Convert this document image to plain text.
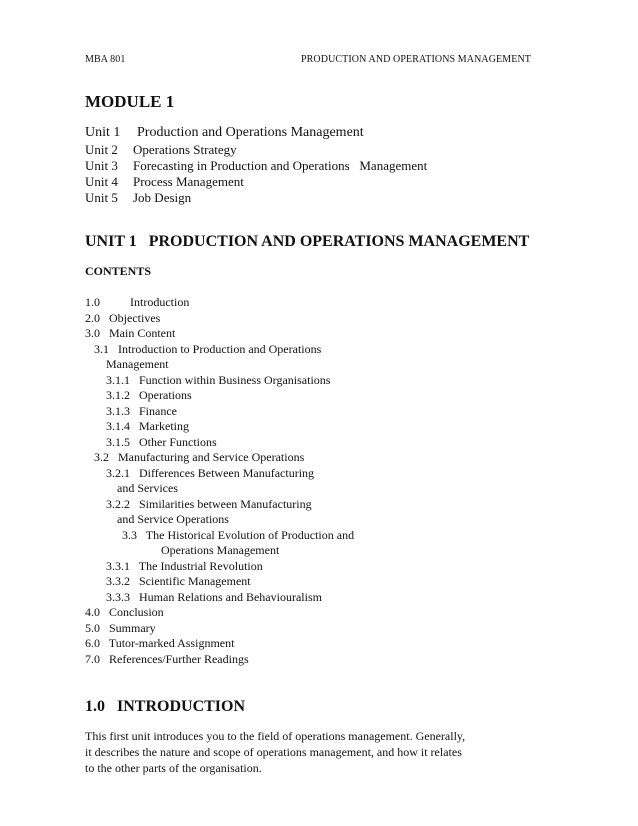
MBA 801	PRODUCTION AND OPERATIONS MANAGEMENT
MODULE 1
Unit 1	Production and Operations Management
Unit 2	Operations Strategy
Unit 3	Forecasting in Production and Operations   Management
Unit 4	Process Management
Unit 5	Job Design
UNIT 1   PRODUCTION AND OPERATIONS MANAGEMENT
CONTENTS
1.0          Introduction
2.0   Objectives
3.0   Main Content
3.1   Introduction to Production and Operations
Management
3.1.1   Function within Business Organisations
3.1.2   Operations
3.1.3   Finance
3.1.4   Marketing
3.1.5   Other Functions
3.2   Manufacturing and Service Operations
3.2.1   Differences Between Manufacturing
and Services
3.2.2   Similarities between Manufacturing
and Service Operations
3.3   The Historical Evolution of Production and
Operations Management
3.3.1   The Industrial Revolution
3.3.2   Scientific Management
3.3.3   Human Relations and Behaviouralism
4.0   Conclusion
5.0   Summary
6.0   Tutor-marked Assignment
7.0   References/Further Readings
1.0   INTRODUCTION
This first unit introduces you to the field of operations management. Generally,
it describes the nature and scope of operations management, and how it relates
to the other parts of the organisation.
